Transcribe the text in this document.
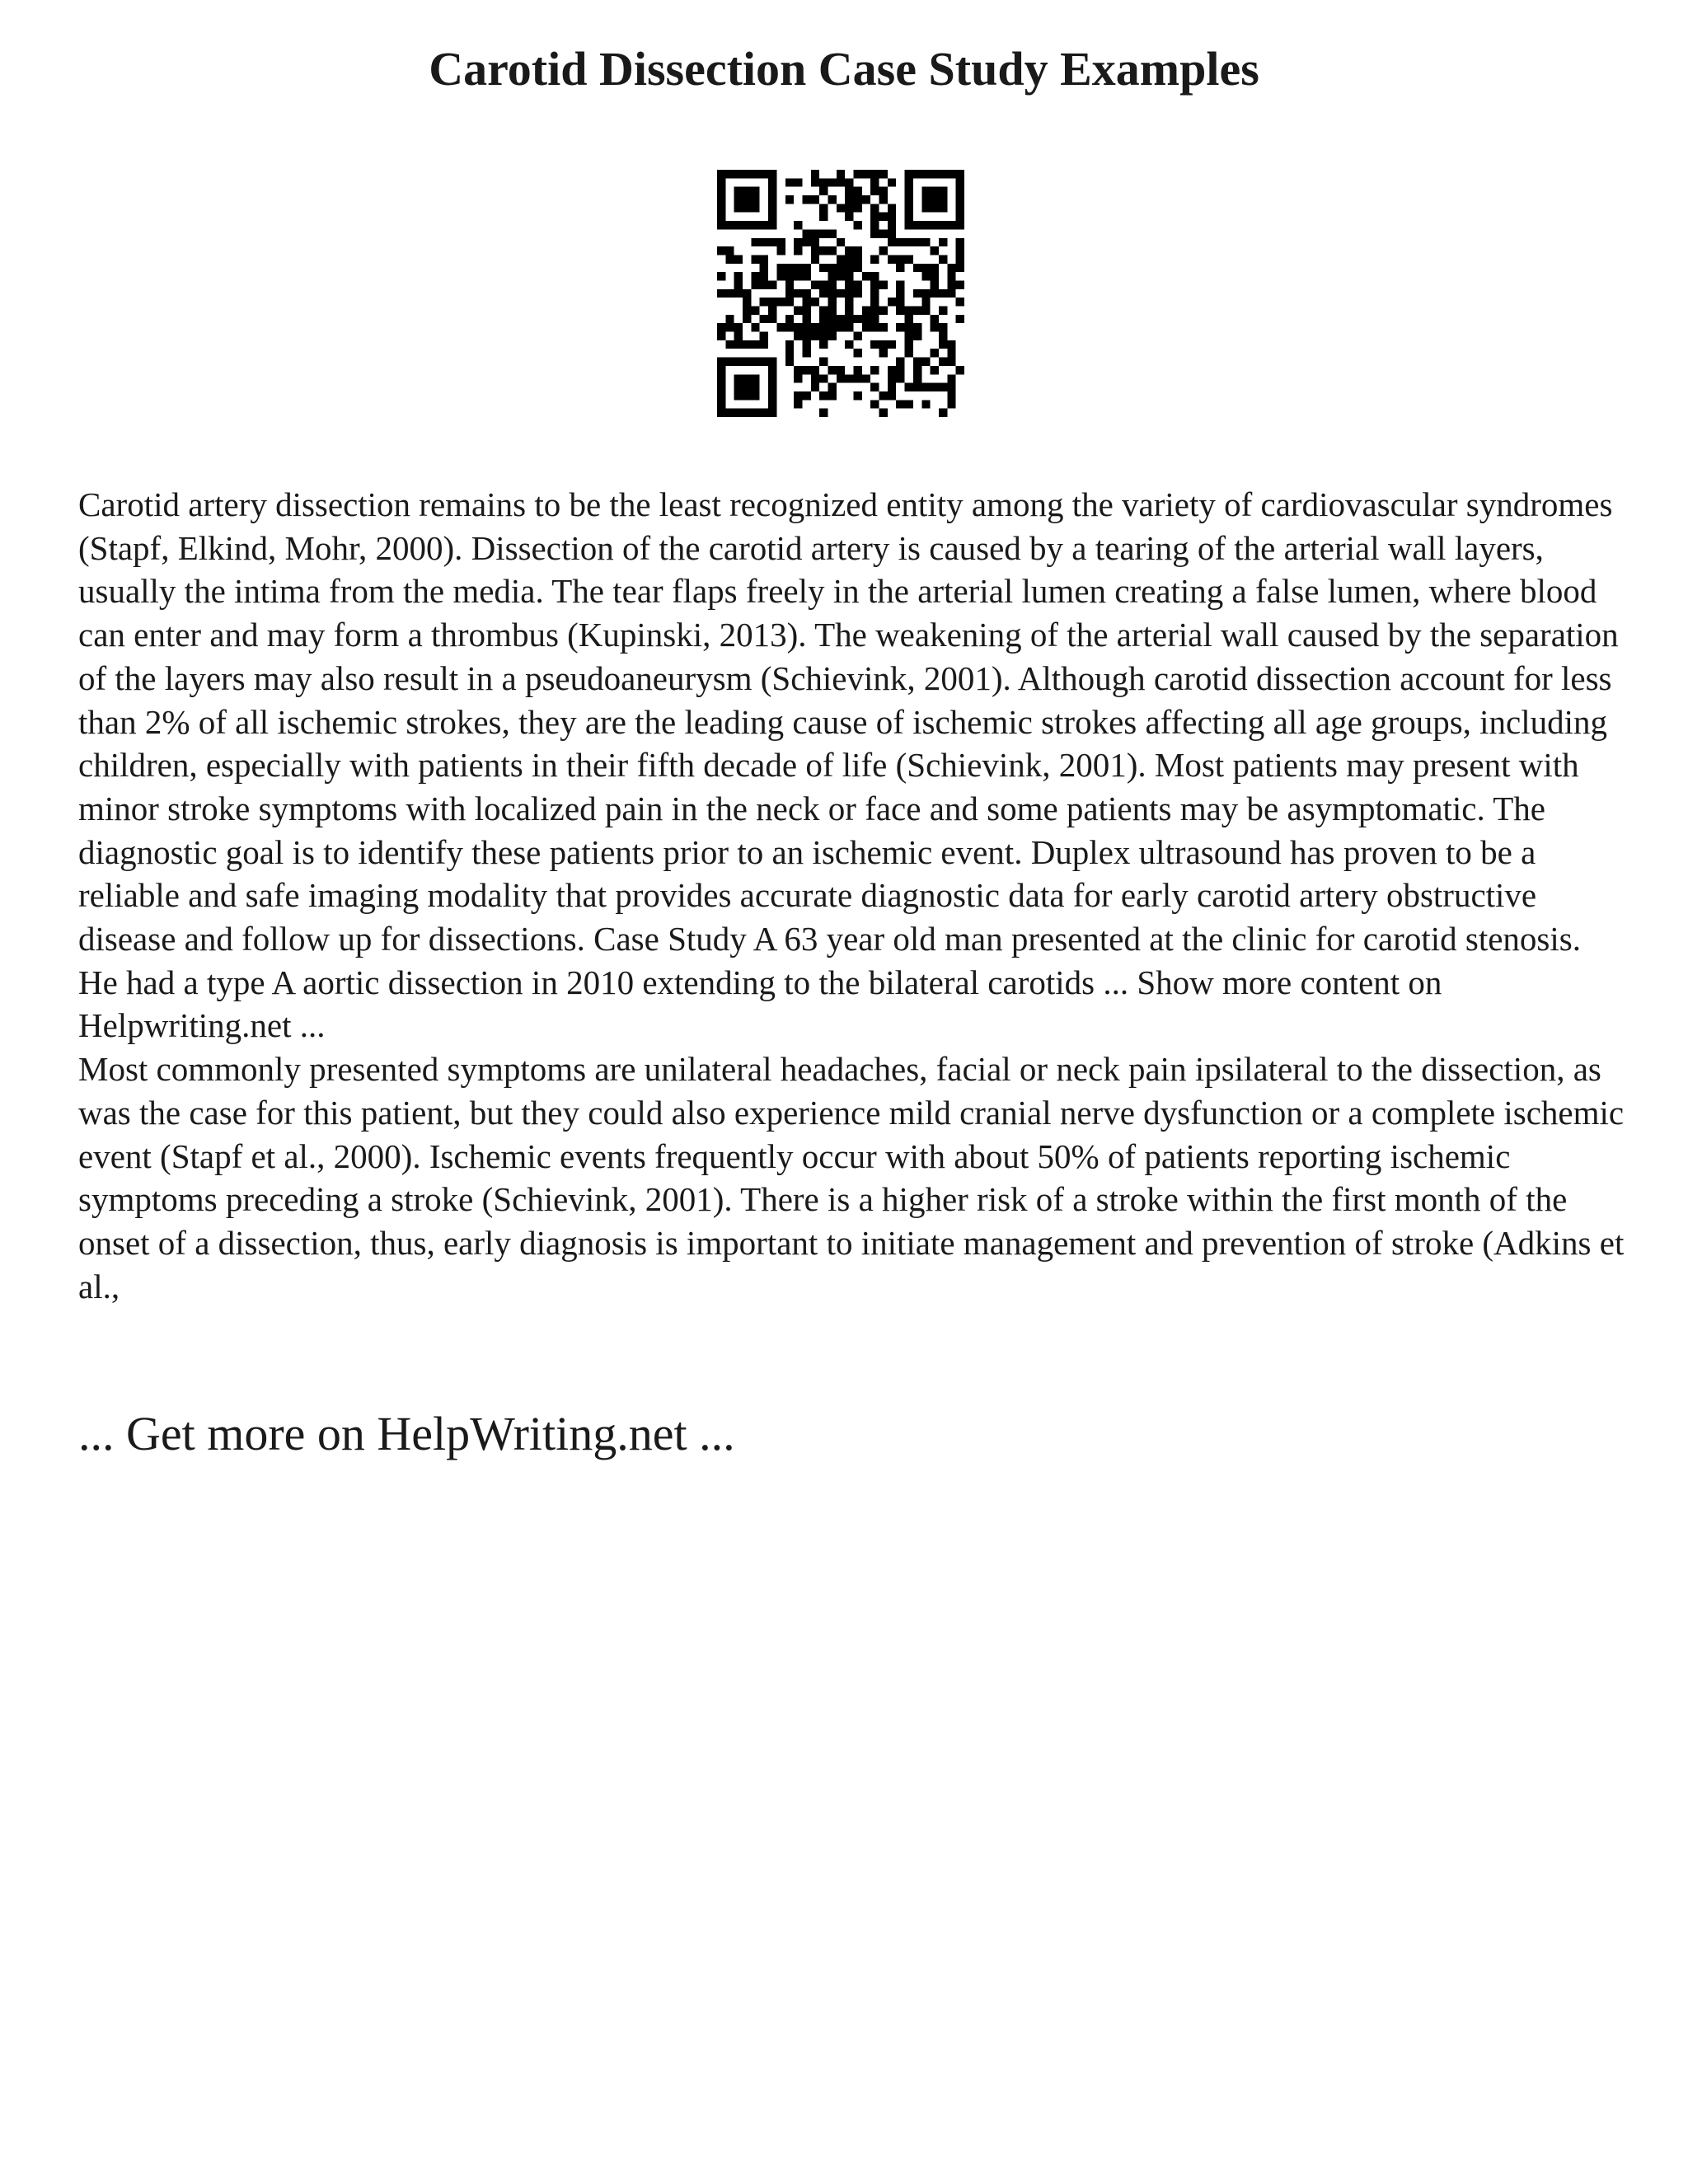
Carotid Dissection Case Study Examples

Carotid artery dissection remains to be the least recognized entity among the variety of cardiovascular syndromes (Stapf, Elkind, Mohr, 2000). Dissection of the carotid artery is caused by a tearing of the arterial wall layers, usually the intima from the media. The tear flaps freely in the arterial lumen creating a false lumen, where blood can enter and may form a thrombus (Kupinski, 2013). The weakening of the arterial wall caused by the separation of the layers may also result in a pseudoaneurysm (Schievink, 2001). Although carotid dissection account for less than 2% of all ischemic strokes, they are the leading cause of ischemic strokes affecting all age groups, including children, especially with patients in their fifth decade of life (Schievink, 2001). Most patients may present with minor stroke symptoms with localized pain in the neck or face and some patients may be asymptomatic. The diagnostic goal is to identify these patients prior to an ischemic event. Duplex ultrasound has proven to be a reliable and safe imaging modality that provides accurate diagnostic data for early carotid artery obstructive disease and follow up for dissections. Case Study A 63 year old man presented at the clinic for carotid stenosis. He had a type A aortic dissection in 2010 extending to the bilateral carotids ... Show more content on Helpwriting.net ...

Most commonly presented symptoms are unilateral headaches, facial or neck pain ipsilateral to the dissection, as was the case for this patient, but they could also experience mild cranial nerve dysfunction or a complete ischemic event (Stapf et al., 2000). Ischemic events frequently occur with about 50% of patients reporting ischemic symptoms preceding a stroke (Schievink, 2001). There is a higher risk of a stroke within the first month of the onset of a dissection, thus, early diagnosis is important to initiate management and prevention of stroke (Adkins et al.,

... Get more on HelpWriting.net ...
